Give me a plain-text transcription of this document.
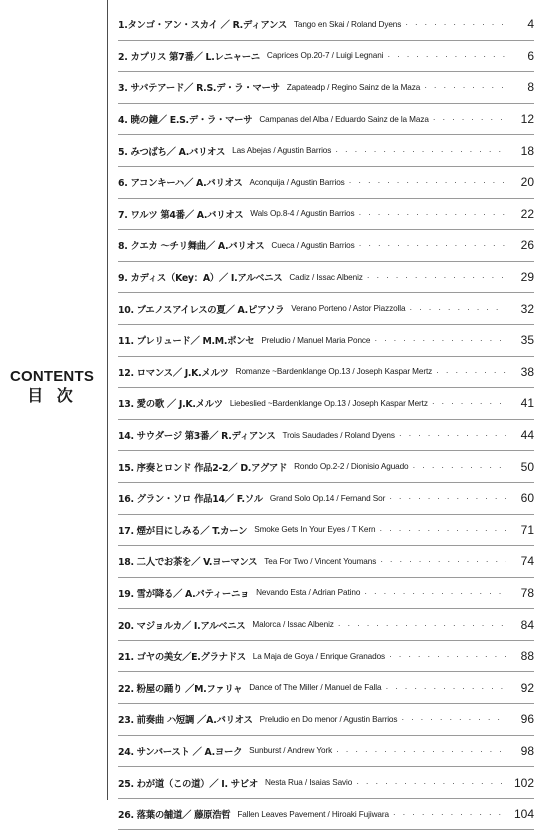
CONTENTS
目 次
1.タンゴ・アン・スカイ ／ R.ディアンス Tango en Skai / Roland Dyens · · ·	4
2. カプリス 第7番／ L.レニャーニ Caprices Op.20-7 / Luigi Legnani · · ·	6
3. サパテアード／ R.S.デ・ラ・マーサ Zapateadp / Regino Sainz de la Maza · · ·	8
4. 暁の鐘／ E.S.デ・ラ・マーサ Campanas del Alba / Eduardo Sainz de la Maza · · ·	12
5. みつばち／ A.バリオス Las Abejas / Agustin Barrios · · ·	18
6. アコンキーハ／ A.バリオス Aconquija / Agustin Barrios · · ·	20
7. ワルツ 第4番／ A.バリオス Wals Op.8-4 / Agustin Barrios · · ·	22
8. クエカ ～チリ舞曲／ A.バリオス Cueca / Agustin Barrios · · ·	26
9. カディス（Key：A）／ I.アルベニス Cadiz / Issac Albeniz · · ·	29
10. ブエノスアイレスの夏／ A.ピアソラ Verano Porteno / Astor Piazzolla · · ·	32
11. プレリュード／ M.M.ポンセ Preludio / Manuel Maria Ponce · · ·	35
12. ロマンス／ J.K.メルツ Romanze ~Bardenklange Op.13 / Joseph Kaspar Mertz · · ·	38
13. 愛の歌 ／ J.K.メルツ Liebeslied ~Bardenklange Op.13 / Joseph Kaspar Mertz · · ·	41
14. サウダージ 第3番／ R.ディアンス Trois Saudades / Roland Dyens · · ·	44
15. 序奏とロンド 作品2-2／ D.アグアド Rondo Op.2-2 / Dionisio Aguado · · ·	50
16. グラン・ソロ 作品14／ F.ソル Grand Solo Op.14 / Fernand Sor · · ·	60
17. 煙が目にしみる／ T.カーン Smoke Gets In Your Eyes / T Kern · · ·	71
18. 二人でお茶を／ V.ヨーマンス Tea For Two / Vincent Youmans · · ·	74
19. 雪が降る／ A.パティーニョ Nevando Esta / Adrian Patino · · ·	78
20. マジョルカ／ I.アルベニス Malorca / Issac Albeniz · · ·	84
21. ゴヤの美女／E.グラナドス La Maja de Goya / Enrique Granados · · ·	88
22. 粉屋の踊り ／M.ファリャ Dance of The Miller / Manuel de Falla · · ·	92
23. 前奏曲 ハ短調 ／A.バリオス Preludio en Do menor / Agustin Barrios · · ·	96
24. サンバースト ／ A.ヨーク Sunburst / Andrew York · · ·	98
25. わが道（この道）／ I. サビオ Nesta Rua / Isaias Savio · · ·	102
26. 落葉の舗道／ 藤原浩哲 Fallen Leaves Pavement / Hiroaki Fujiwara · · ·	104
